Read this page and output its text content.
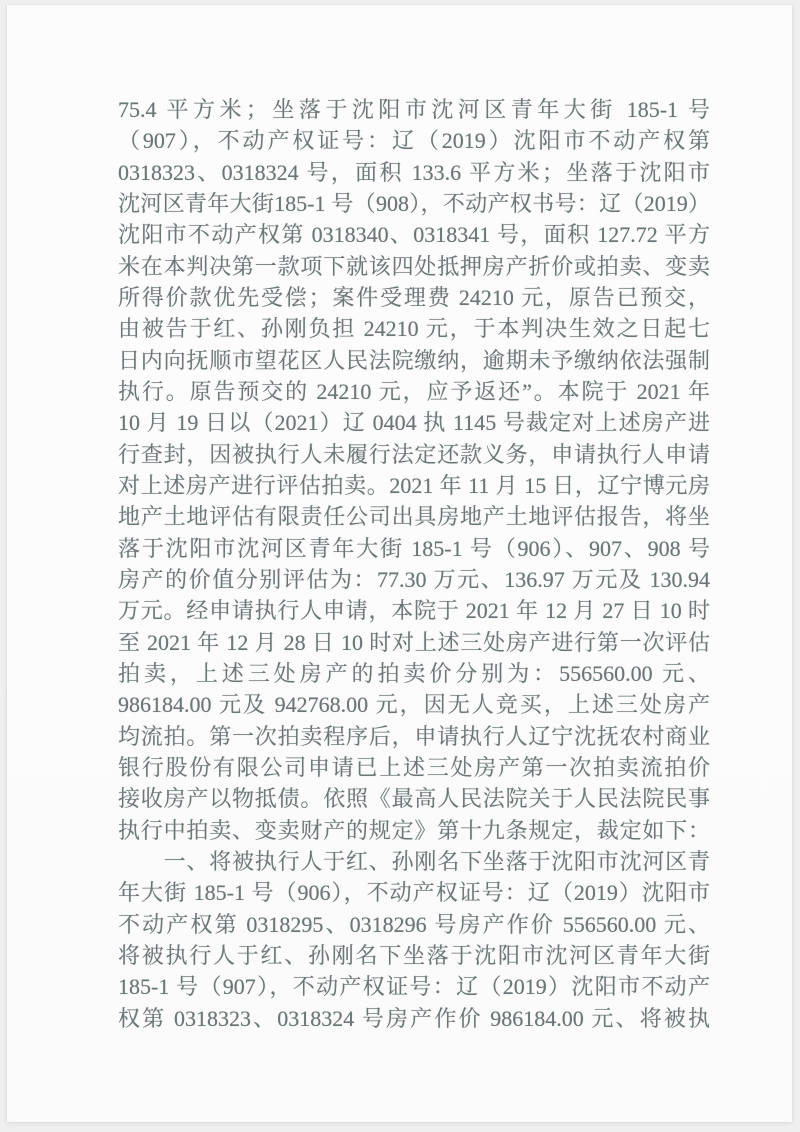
75.4 平方米；坐落于沈阳市沈河区青年大街 185-1 号
（907），不动产权证号：辽（2019）沈阳市不动产权第
0318323、0318324 号，面积 133.6 平方米；坐落于沈阳市
沈河区青年大街185-1 号（908），不动产权书号：辽（2019）
沈阳市不动产权第 0318340、0318341 号，面积 127.72 平方
米在本判决第一款项下就该四处抵押房产折价或拍卖、变卖
所得价款优先受偿；案件受理费 24210 元，原告已预交，
由被告于红、孙刚负担 24210 元，于本判决生效之日起七
日内向抚顺市望花区人民法院缴纳，逾期未予缴纳依法强制
执行。原告预交的 24210 元，应予返还”。本院于 2021 年
10 月 19 日以（2021）辽 0404 执 1145 号裁定对上述房产进
行查封，因被执行人未履行法定还款义务，申请执行人申请
对上述房产进行评估拍卖。2021 年 11 月 15 日，辽宁博元房
地产土地评估有限责任公司出具房地产土地评估报告，将坐
落于沈阳市沈河区青年大街 185-1 号（906）、907、908 号
房产的价值分别评估为：77.30 万元、136.97 万元及 130.94
万元。经申请执行人申请，本院于 2021 年 12 月 27 日 10 时
至 2021 年 12 月 28 日 10 时对上述三处房产进行第一次评估
拍卖，上述三处房产的拍卖价分别为：556560.00 元、
986184.00 元及 942768.00 元，因无人竞买，上述三处房产
均流拍。第一次拍卖程序后，申请执行人辽宁沈抚农村商业
银行股份有限公司申请已上述三处房产第一次拍卖流拍价
接收房产以物抵债。依照《最高人民法院关于人民法院民事
执行中拍卖、变卖财产的规定》第十九条规定，裁定如下：
　　一、将被执行人于红、孙刚名下坐落于沈阳市沈河区青
年大街 185-1 号（906），不动产权证号：辽（2019）沈阳市
不动产权第 0318295、0318296 号房产作价 556560.00 元、
将被执行人于红、孙刚名下坐落于沈阳市沈河区青年大街
185-1 号（907），不动产权证号：辽（2019）沈阳市不动产
权第 0318323、0318324 号房产作价 986184.00 元、将被执
